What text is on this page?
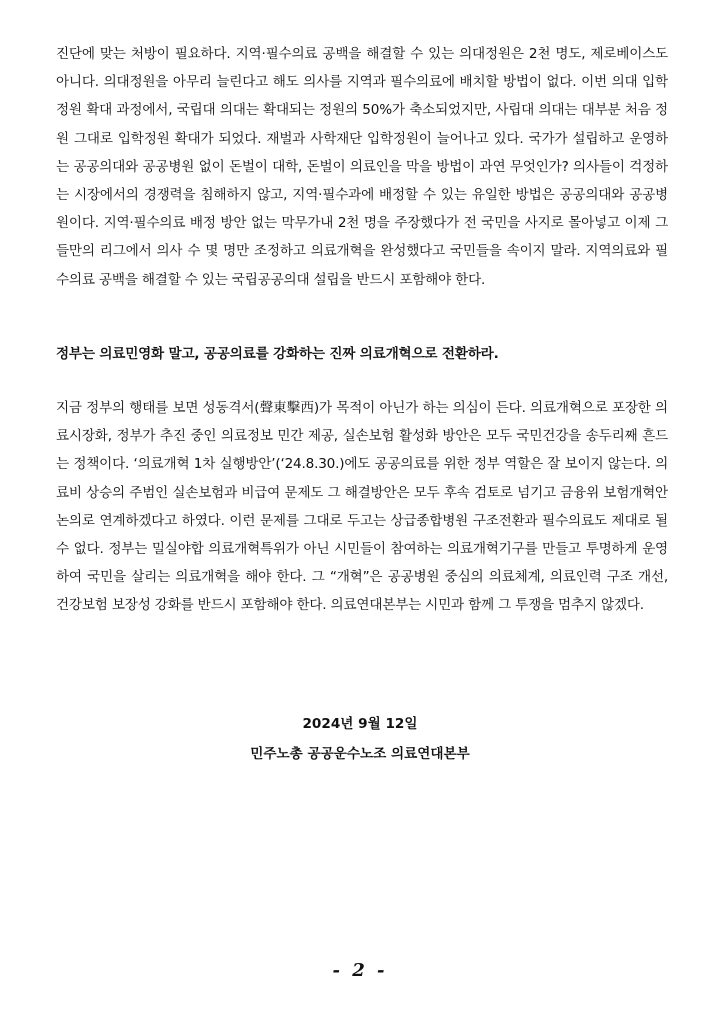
진단에 맞는 처방이 필요하다. 지역·필수의료 공백을 해결할 수 있는 의대정원은 2천 명도, 제로베이스도 아니다. 의대정원을 아무리 늘린다고 해도 의사를 지역과 필수의료에 배치할 방법이 없다. 이번 의대 입학정원 확대 과정에서, 국립대 의대는 확대되는 정원의 50%가 축소되었지만, 사립대 의대는 대부분 처음 정원 그대로 입학정원 확대가 되었다. 재벌과 사학재단 입학정원이 늘어나고 있다. 국가가 설립하고 운영하는 공공의대와 공공병원 없이 돈벌이 대학, 돈벌이 의료인을 막을 방법이 과연 무엇인가? 의사들이 걱정하는 시장에서의 경쟁력을 침해하지 않고, 지역·필수과에 배정할 수 있는 유일한 방법은 공공의대와 공공병원이다. 지역·필수의료 배정 방안 없는 막무가내 2천 명을 주장했다가 전 국민을 사지로 몰아넣고 이제 그들만의 리그에서 의사 수 몇 명만 조정하고 의료개혁을 완성했다고 국민들을 속이지 말라. 지역의료와 필수의료 공백을 해결할 수 있는 국립공공의대 설립을 반드시 포함해야 한다.

정부는 의료민영화 말고, 공공의료를 강화하는 진짜 의료개혁으로 전환하라.

지금 정부의 행태를 보면 성동격서(聲東擊西)가 목적이 아닌가 하는 의심이 든다. 의료개혁으로 포장한 의료시장화, 정부가 추진 중인 의료정보 민간 제공, 실손보험 활성화 방안은 모두 국민건강을 송두리째 흔드는 정책이다. ‘의료개혁 1차 실행방안’(‘24.8.30.)에도 공공의료를 위한 정부 역할은 잘 보이지 않는다. 의료비 상승의 주범인 실손보험과 비급여 문제도 그 해결방안은 모두 후속 검토로 넘기고 금융위 보험개혁안 논의로 연계하겠다고 하였다. 이런 문제를 그대로 두고는 상급종합병원 구조전환과 필수의료도 제대로 될 수 없다. 정부는 밀실야합 의료개혁특위가 아닌 시민들이 참여하는 의료개혁기구를 만들고 투명하게 운영하여 국민을 살리는 의료개혁을 해야 한다. 그 “개혁”은 공공병원 중심의 의료체계, 의료인력 구조 개선, 건강보험 보장성 강화를 반드시 포함해야 한다. 의료연대본부는 시민과 함께 그 투쟁을 멈추지 않겠다.

2024년 9월 12일

민주노총 공공운수노조 의료연대본부

- 2 -
